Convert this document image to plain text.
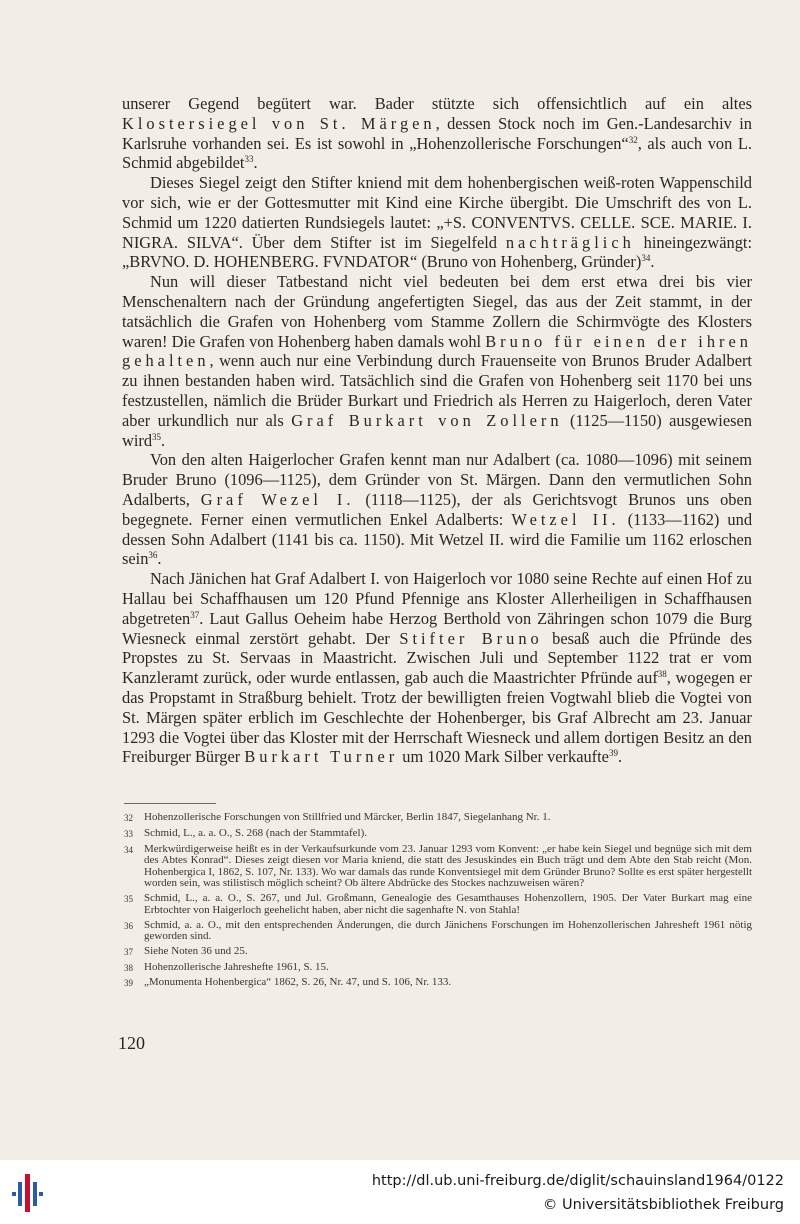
unserer Gegend begütert war. Bader stützte sich offensichtlich auf ein altes Klostersiegel von St. Märgen, dessen Stock noch im Gen.-Landesarchiv in Karlsruhe vorhanden sei. Es ist sowohl in „Hohenzollerische Forschungen“$^{32}$, als auch von L. Schmid abgebildet$^{33}$.

Dieses Siegel zeigt den Stifter kniend mit dem hohenbergischen weiß-roten Wappenschild vor sich, wie er der Gottesmutter mit Kind eine Kirche übergibt. Die Umschrift des von L. Schmid um 1220 datierten Rundsiegels lautet: „+S. CONVENTVS. CELLE. SCE. MARIE. I. NIGRA. SILVA“. Über dem Stifter ist im Siegelfeld nachträglich hineingezwängt: „BRVNO. D. HOHENBERG. FVNDATOR“ (Bruno von Hohenberg, Gründer)$^{34}$.

Nun will dieser Tatbestand nicht viel bedeuten bei dem erst etwa drei bis vier Menschenaltern nach der Gründung angefertigten Siegel, das aus der Zeit stammt, in der tatsächlich die Grafen von Hohenberg vom Stamme Zollern die Schirmvögte des Klosters waren! Die Grafen von Hohenberg haben damals wohl Bruno für einen der ihren gehalten, wenn auch nur eine Verbindung durch Frauenseite von Brunos Bruder Adalbert zu ihnen bestanden haben wird. Tatsächlich sind die Grafen von Hohenberg seit 1170 bei uns festzustellen, nämlich die Brüder Burkart und Friedrich als Herren zu Haigerloch, deren Vater aber urkundlich nur als Graf Burkart von Zollern (1125—1150) ausgewiesen wird$^{35}$.

Von den alten Haigerlocher Grafen kennt man nur Adalbert (ca. 1080—1096) mit seinem Bruder Bruno (1096—1125), dem Gründer von St. Märgen. Dann den vermutlichen Sohn Adalberts, Graf Wezel I. (1118—1125), der als Gerichtsvogt Brunos uns oben begegnete. Ferner einen vermutlichen Enkel Adalberts: Wetzel II. (1133—1162) und dessen Sohn Adalbert (1141 bis ca. 1150). Mit Wetzel II. wird die Familie um 1162 erloschen sein$^{36}$.

Nach Jänichen hat Graf Adalbert I. von Haigerloch vor 1080 seine Rechte auf einen Hof zu Hallau bei Schaffhausen um 120 Pfund Pfennige ans Kloster Allerheiligen in Schaffhausen abgetreten$^{37}$. Laut Gallus Oeheim habe Herzog Berthold von Zähringen schon 1079 die Burg Wiesneck einmal zerstört gehabt. Der Stifter Bruno besaß auch die Pfründe des Propstes zu St. Servaas in Maastricht. Zwischen Juli und September 1122 trat er vom Kanzleramt zurück, oder wurde entlassen, gab auch die Maastrichter Pfründe auf$^{38}$, wogegen er das Propstamt in Straßburg behielt. Trotz der bewilligten freien Vogtwahl blieb die Vogtei von St. Märgen später erblich im Geschlechte der Hohenberger, bis Graf Albrecht am 23. Januar 1293 die Vogtei über das Kloster mit der Herrschaft Wiesneck und allem dortigen Besitz an den Freiburger Bürger Burkart Turner um 1020 Mark Silber verkaufte$^{39}$.

32	Hohenzollerische Forschungen von Stillfried und Märcker, Berlin 1847, Siegelanhang Nr. 1.
33	Schmid, L., a. a. O., S. 268 (nach der Stammtafel).
34	Merkwürdigerweise heißt es in der Verkaufsurkunde vom 23. Januar 1293 vom Konvent: „er habe kein Siegel und begnüge sich mit dem des Abtes Konrad“. Dieses zeigt diesen vor Maria kniend, die statt des Jesuskindes ein Buch trägt und dem Abte den Stab reicht (Mon. Hohenbergica I, 1862, S. 107, Nr. 133). Wo war damals das runde Konventsiegel mit dem Gründer Bruno? Sollte es erst später hergestellt worden sein, was stilistisch möglich scheint? Ob ältere Abdrücke des Stockes nachzuweisen wären?
35	Schmid, L., a. a. O., S. 267, und Jul. Großmann, Genealogie des Gesamthauses Hohenzollern, 1905. Der Vater Burkart mag eine Erbtochter von Haigerloch geehelicht haben, aber nicht die sagenhafte N. von Stahla!
36	Schmid, a. a. O., mit den entsprechenden Änderungen, die durch Jänichens Forschungen im Hohenzollerischen Jahresheft 1961 nötig geworden sind.
37	Siehe Noten 36 und 25.
38	Hohenzollerische Jahreshefte 1961, S. 15.
39	„Monumenta Hohenbergica“ 1862, S. 26, Nr. 47, und S. 106, Nr. 133.
120
http://dl.ub.uni-freiburg.de/diglit/schauinsland1964/0122
© Universitätsbibliothek Freiburg
